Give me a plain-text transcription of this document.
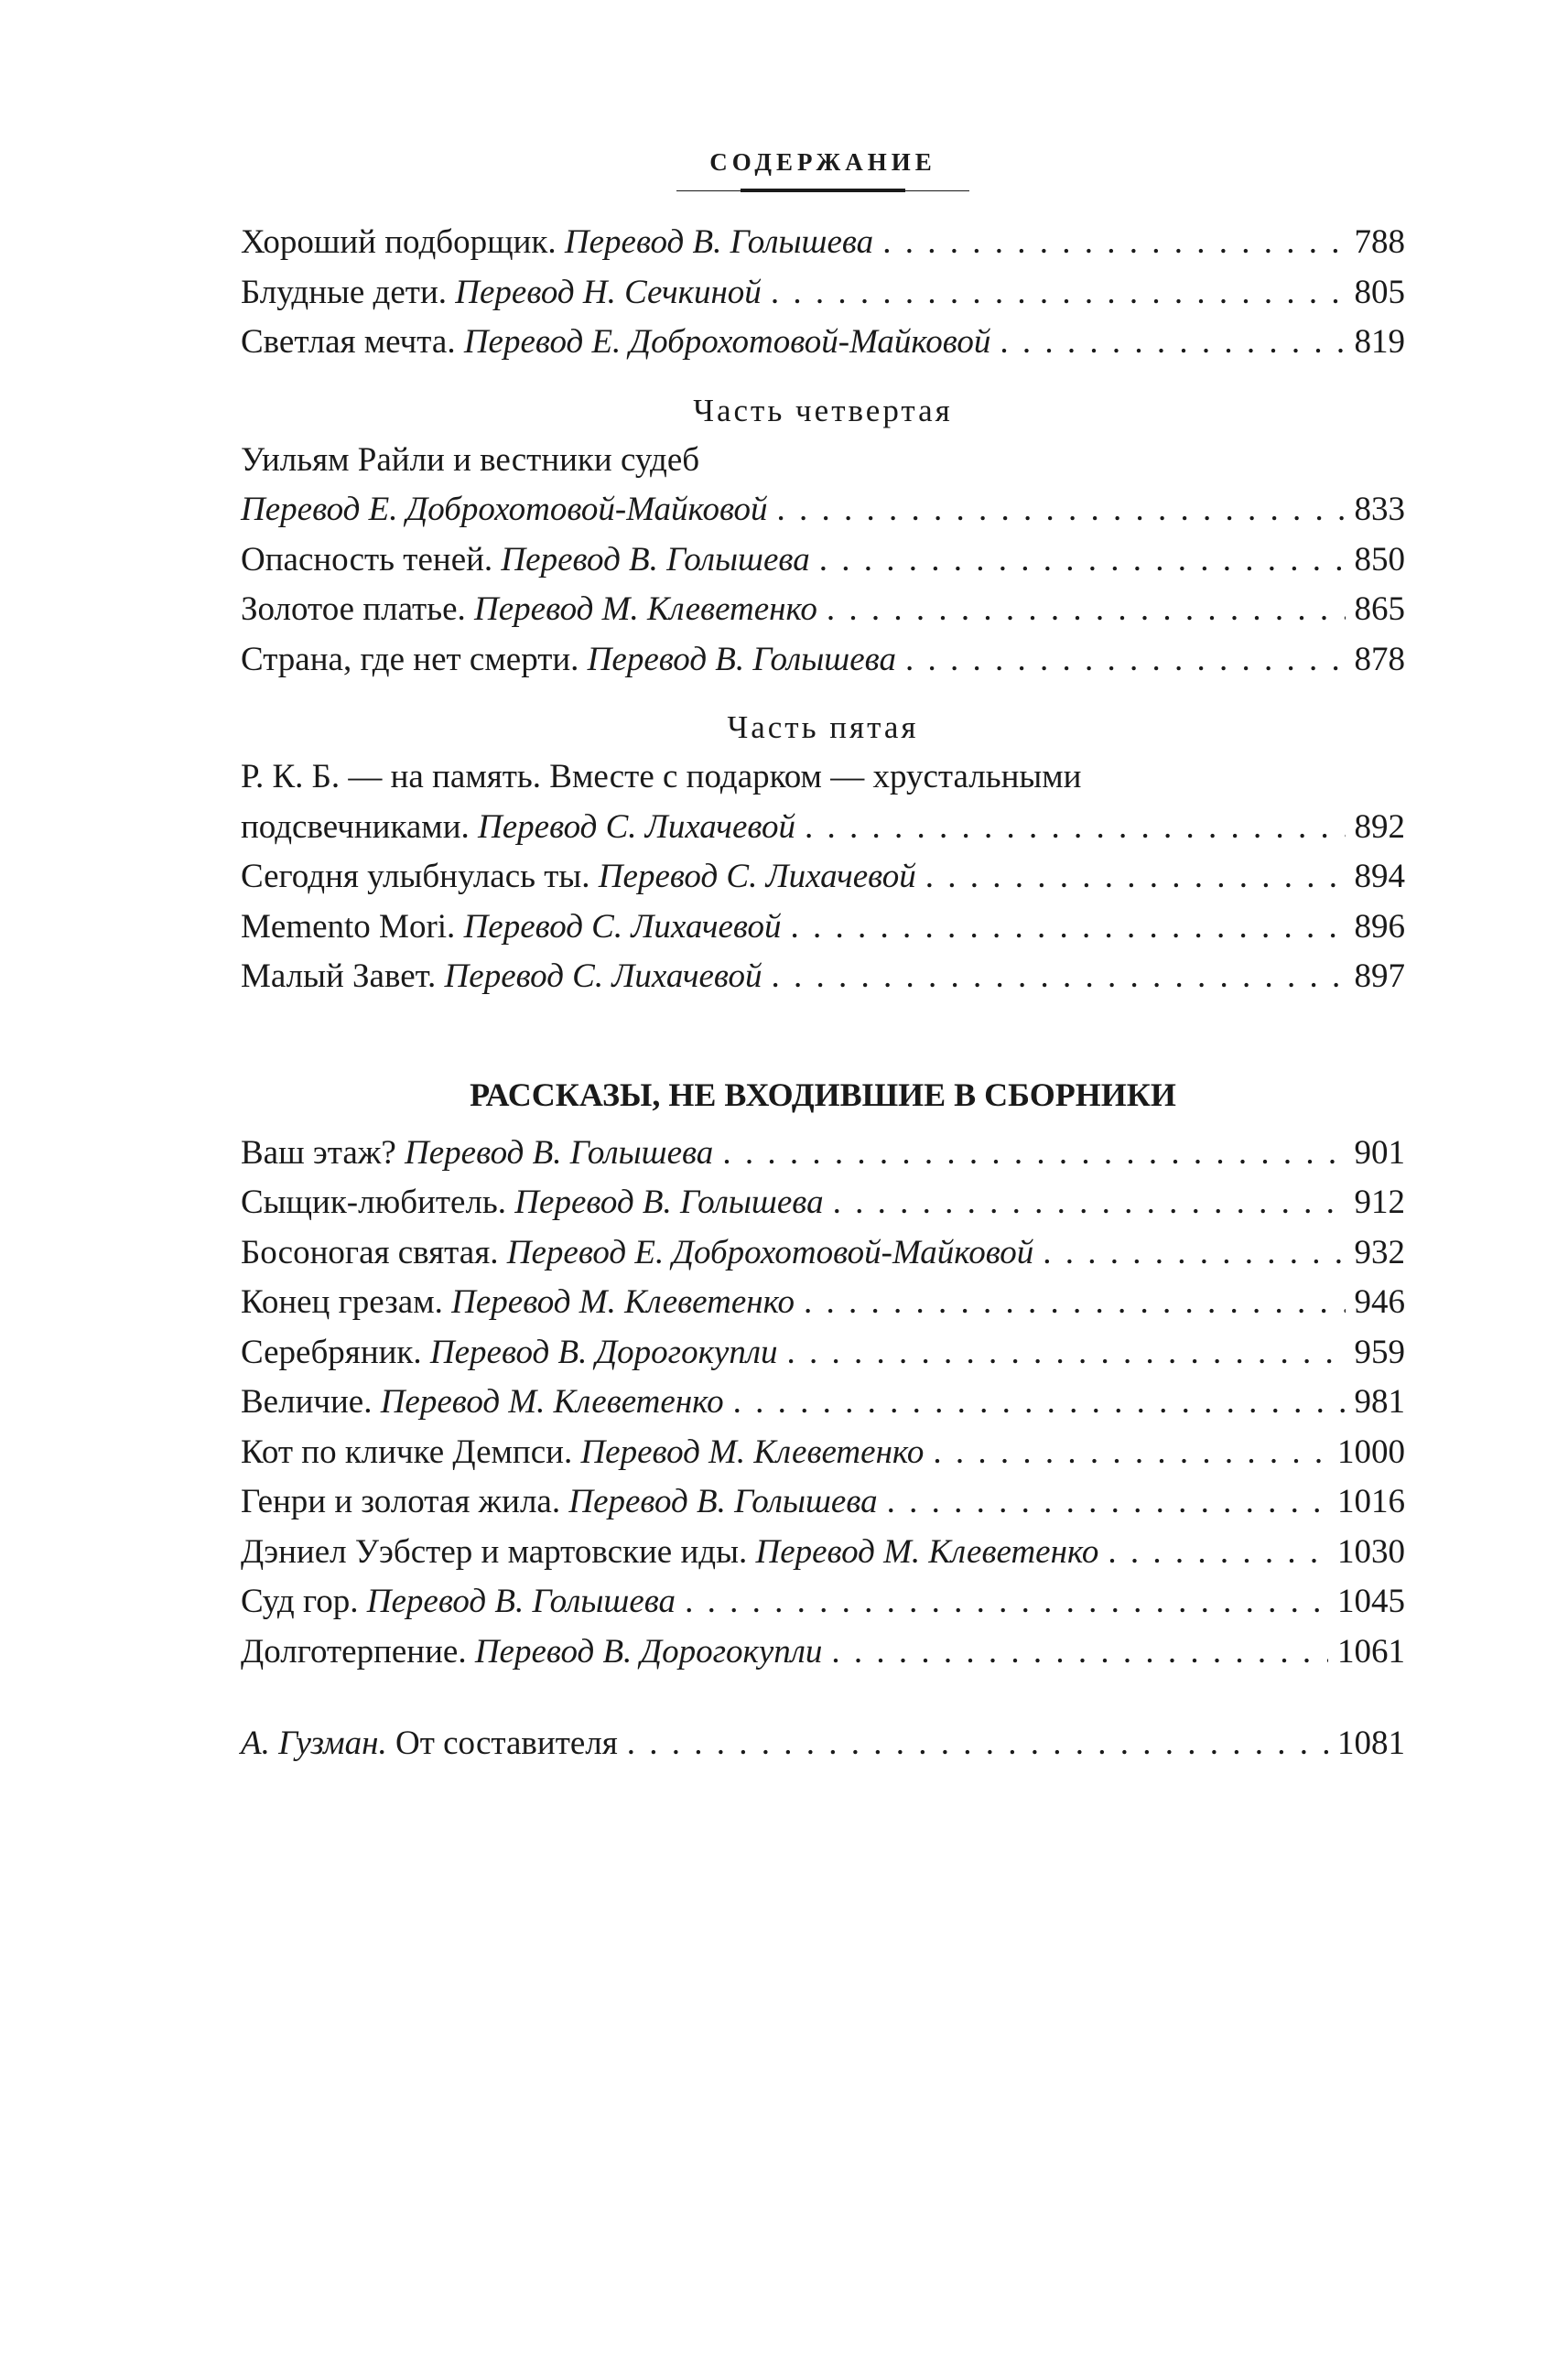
СОДЕРЖАНИЕ
Хороший подборщик. Перевод В. Голышева . . .	788
Блудные дети. Перевод Н. Сечкиной . . .	805
Светлая мечта. Перевод Е. Доброхотовой-Майковой . . .	819
Часть четвертая
Уильям Райли и вестники судеб
Перевод Е. Доброхотовой-Майковой . . .	833
Опасность теней. Перевод В. Голышева . . .	850
Золотое платье. Перевод М. Клеветенко . . .	865
Страна, где нет смерти. Перевод В. Голышева . . .	878
Часть пятая
Р. К. Б. — на память. Вместе с подарком — хрустальными
подсвечниками. Перевод С. Лихачевой . . .	892
Сегодня улыбнулась ты. Перевод С. Лихачевой . . .	894
Memento Mori. Перевод С. Лихачевой . . .	896
Малый Завет. Перевод С. Лихачевой . . .	897
РАССКАЗЫ, НЕ ВХОДИВШИЕ В СБОРНИКИ
Ваш этаж? Перевод В. Голышева . . .	901
Сыщик-любитель. Перевод В. Голышева . . .	912
Босоногая святая. Перевод Е. Доброхотовой-Майковой . . .	932
Конец грезам. Перевод М. Клеветенко . . .	946
Серебряник. Перевод В. Дорогокупли . . .	959
Величие. Перевод М. Клеветенко . . .	981
Кот по кличке Демпси. Перевод М. Клеветенко . . .	1000
Генри и золотая жила. Перевод В. Голышева . . .	1016
Дэниел Уэбстер и мартовские иды. Перевод М. Клеветенко . . .	1030
Суд гор. Перевод В. Голышева . . .	1045
Долготерпение. Перевод В. Дорогокупли . . .	1061
А. Гузман. От составителя . . .	1081
